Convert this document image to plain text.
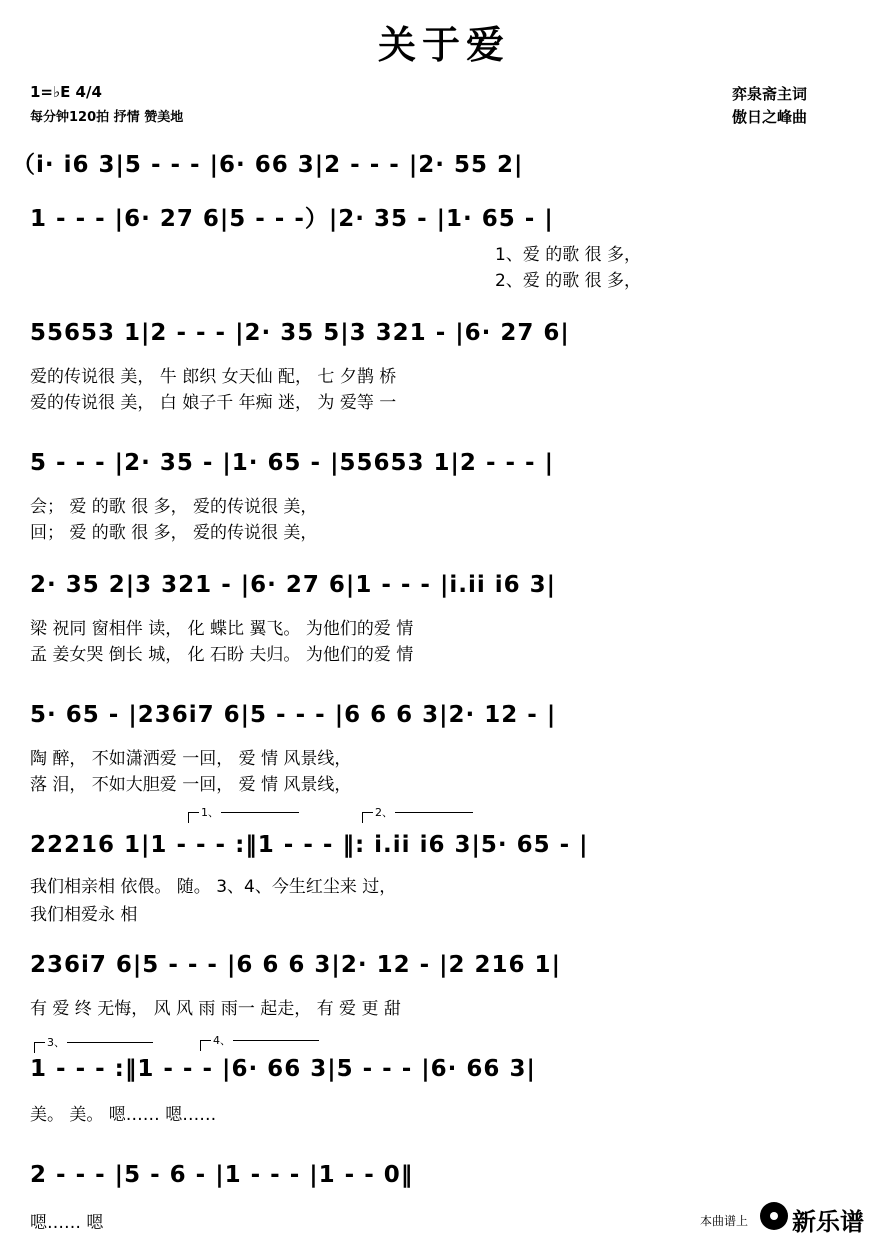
关于爱
1=♭E 4/4
每分钟120拍 抒情 赞美地
弈泉斋主词
傲日之峰曲
（i· i6 3|5 - - - |6· 66 3|2 - - - |2· 55 2|
1 - - - |6· 27 6|5 - - -）|2· 35 - |1· 65 - |
1、爱 的歌 很 多，
2、爱 的歌 很 多，
55653 1|2 - - - |2· 35 5|3 321 - |6· 27 6|
爱的传说很 美， 牛 郎织 女天仙 配， 七 夕鹊 桥
爱的传说很 美， 白 娘子千 年痴 迷， 为 爱等 一
5 - - - |2· 35 - |1· 65 - |55653 1|2 - - - |
会； 爱 的歌 很 多， 爱的传说很 美，
回； 爱 的歌 很 多， 爱的传说很 美，
2· 35 2|3 321 - |6· 27 6|1 - - - |i.ii i6 3|
梁 祝同 窗相伴 读， 化 蝶比 翼飞。 为他们的爱 情
孟 姜女哭 倒长 城， 化 石盼 夫归。 为他们的爱 情
5· 65 - |236i7 6|5 - - - |6 6 6 3|2· 12 - |
陶 醉， 不如潇洒爱 一回， 爱 情 风景线，
落 泪， 不如大胆爱 一回， 爱 情 风景线，
1、	2、
22216 1|1 - - - :‖1 - - - ‖: i.ii i6 3|5· 65 - |
我们相亲相 依偎。 随。 3、4、今生红尘来 过，
我们相爱永 相
236i7 6|5 - - - |6 6 6 3|2· 12 - |2 216 1|
有 爱 终 无悔， 风 风 雨 雨一 起走， 有 爱 更 甜
3、	4、
1 - - - :‖1 - - - |6· 66 3|5 - - - |6· 66 3|
美。 美。 嗯…… 嗯……
2 - - - |5 - 6 - |1 - - - |1 - - 0‖
嗯…… 嗯	本曲谱上 新乐谱
